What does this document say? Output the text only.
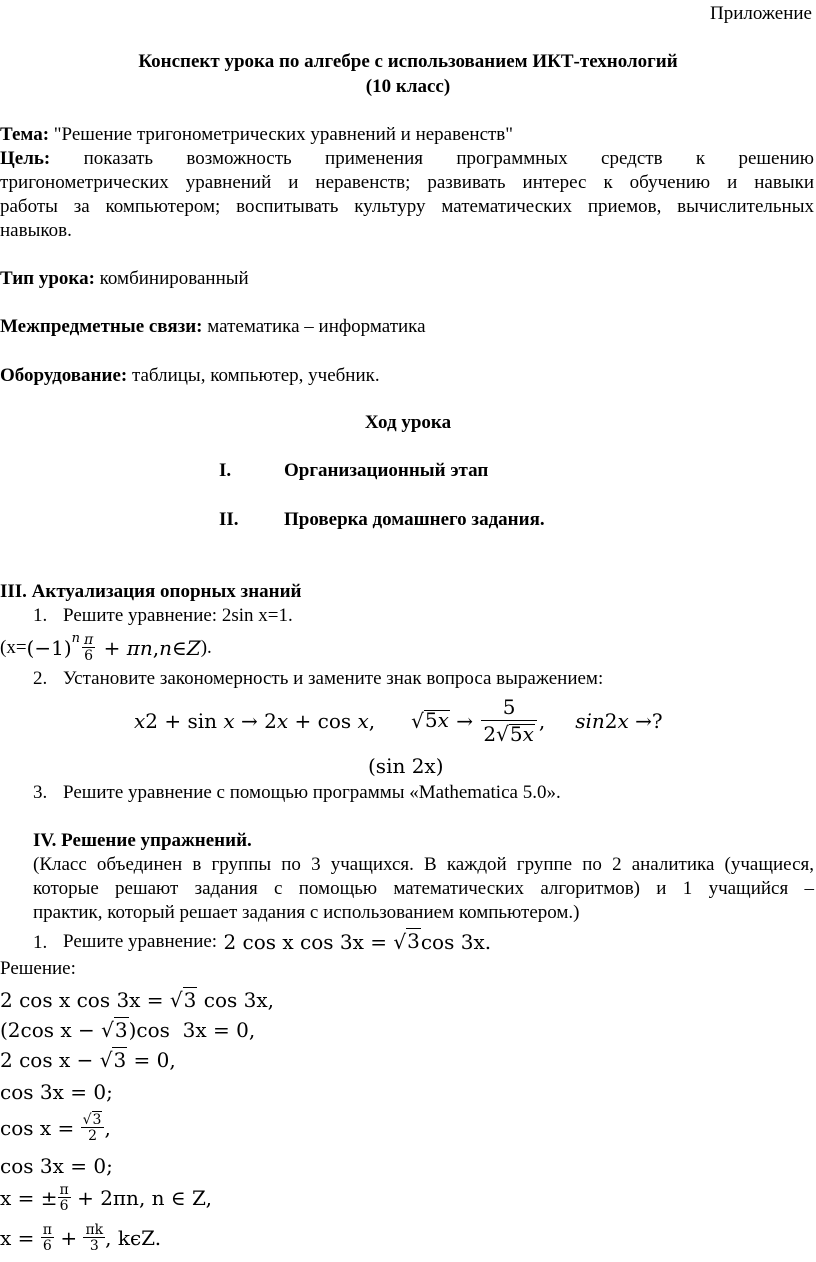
Приложение
Конспект урока по алгебре с использованием ИКТ-технологий
(10 класс)
Тема: "Решение тригонометрических уравнений и неравенств"
Цель: показать возможность применения программных средств к решению
тригонометрических уравнений и неравенств; развивать интерес к обучению и навыки
работы за компьютером; воспитывать культуру математических приемов, вычислительных
навыков.
Тип урока: комбинированный
Межпредметные связи: математика – информатика
Оборудование: таблицы, компьютер, учебник.
Ход урока
I.	Организационный этап
II. Проверка домашнего задания.
III. Актуализация опорных знаний
1. Решите уравнение: 2sin x=1.
(x= (−1) n $\frac{\pi}{6} + \pi n$ , n ∈ Z ).
2. Установите закономерность и замените знак вопроса выражением:
x 2 + sin x → 2 x + cos x , √ $5x \to \frac{5}{2√5x}$ , sin 2 x →?
(sin 2x)
3. Решите уравнение с помощью программы «Mathematica 5.0».
IV. Решение упражнений.
(Класс объединен в группы по 3 учащихся. В каждой группе по 2 аналитика (учащиеся,
которые решают задания с помощью математических алгоритмов) и 1 учащийся –
практик, который решает задания с использованием компьютером.)
1. Решите уравнение: 2 cos x cos 3x = √ 3 cos 3x.
Решение:
2 cos x cos 3x = √3 cos 3x,
(2cos x − √3)cos  3x = 0,
2 cos x − √3 = 0,
cos 3x = 0;
$\cos x = \frac{√3}{2}$ ,
cos 3x = 0;
x = ± $\frac{\pi}{6} + 2\pi n$, n ∈ Z,
$x = \frac{\pi}{6} + \frac{\pi k}{3}$ , kϵZ.
